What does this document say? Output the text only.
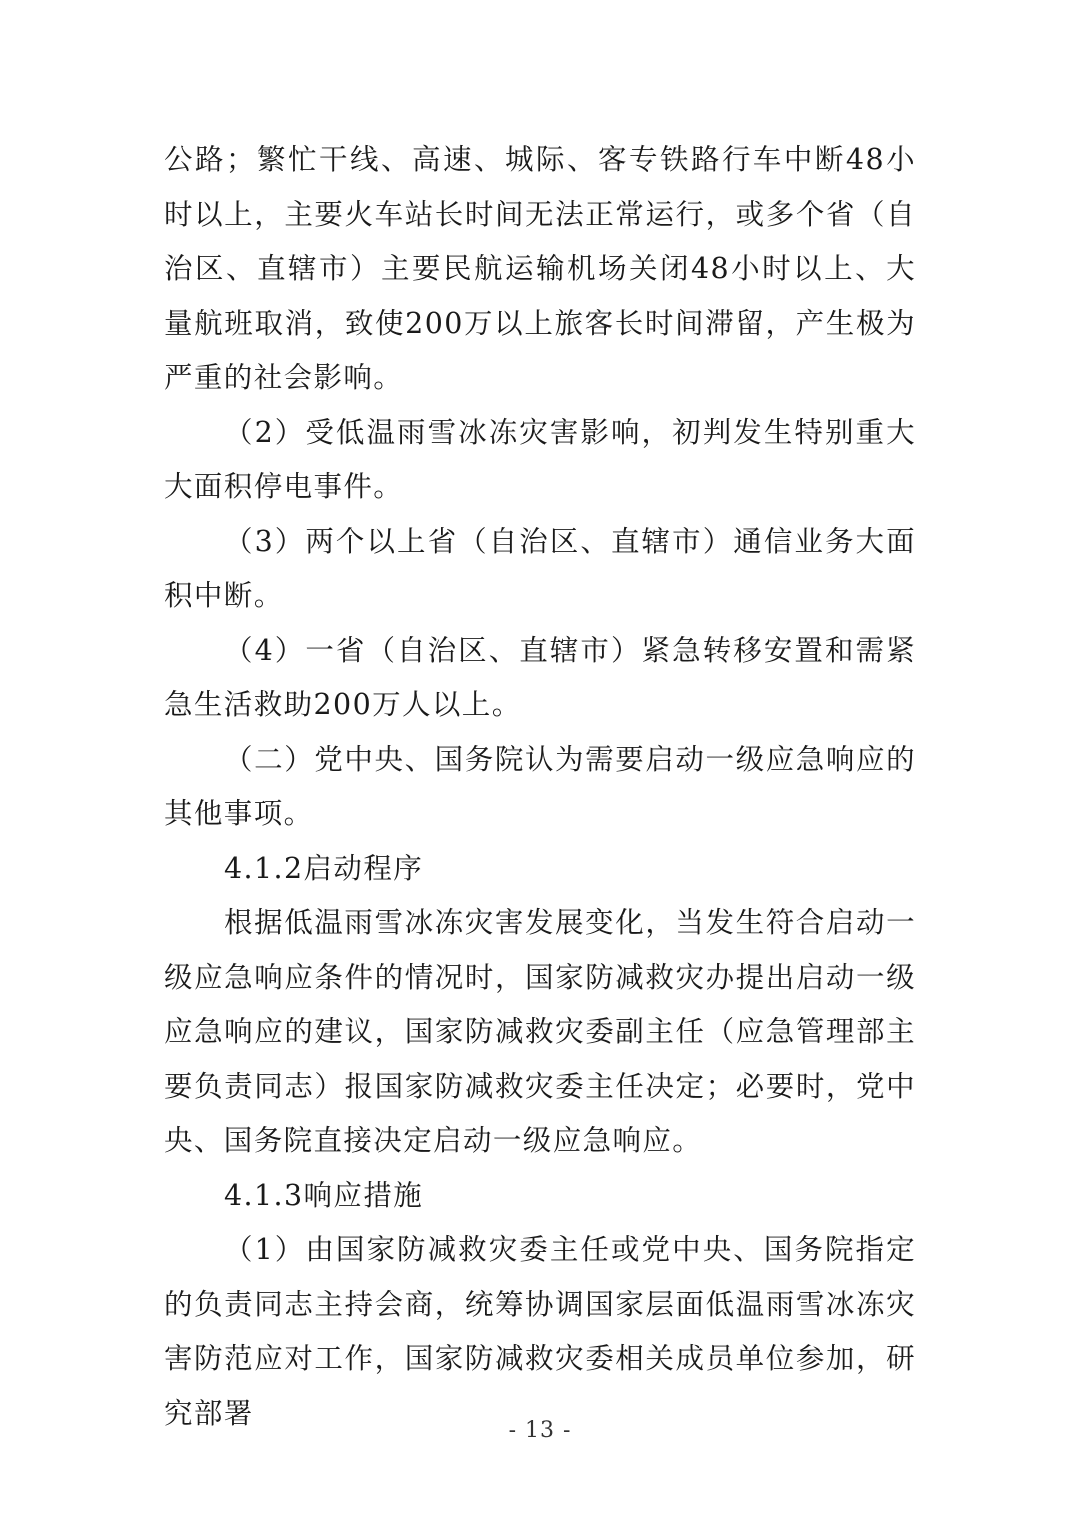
公路；繁忙干线、高速、城际、客专铁路行车中断48小时以上，主要火车站长时间无法正常运行，或多个省（自治区、直辖市）主要民航运输机场关闭48小时以上、大量航班取消，致使200万以上旅客长时间滞留，产生极为严重的社会影响。

（2）受低温雨雪冰冻灾害影响，初判发生特别重大大面积停电事件。

（3）两个以上省（自治区、直辖市）通信业务大面积中断。

（4）一省（自治区、直辖市）紧急转移安置和需紧急生活救助200万人以上。

（二）党中央、国务院认为需要启动一级应急响应的其他事项。

4.1.2启动程序

根据低温雨雪冰冻灾害发展变化，当发生符合启动一级应急响应条件的情况时，国家防减救灾办提出启动一级应急响应的建议，国家防减救灾委副主任（应急管理部主要负责同志）报国家防减救灾委主任决定；必要时，党中央、国务院直接决定启动一级应急响应。

4.1.3响应措施

（1）由国家防减救灾委主任或党中央、国务院指定的负责同志主持会商，统筹协调国家层面低温雨雪冰冻灾害防范应对工作，国家防减救灾委相关成员单位参加，研究部署

- 13 -
